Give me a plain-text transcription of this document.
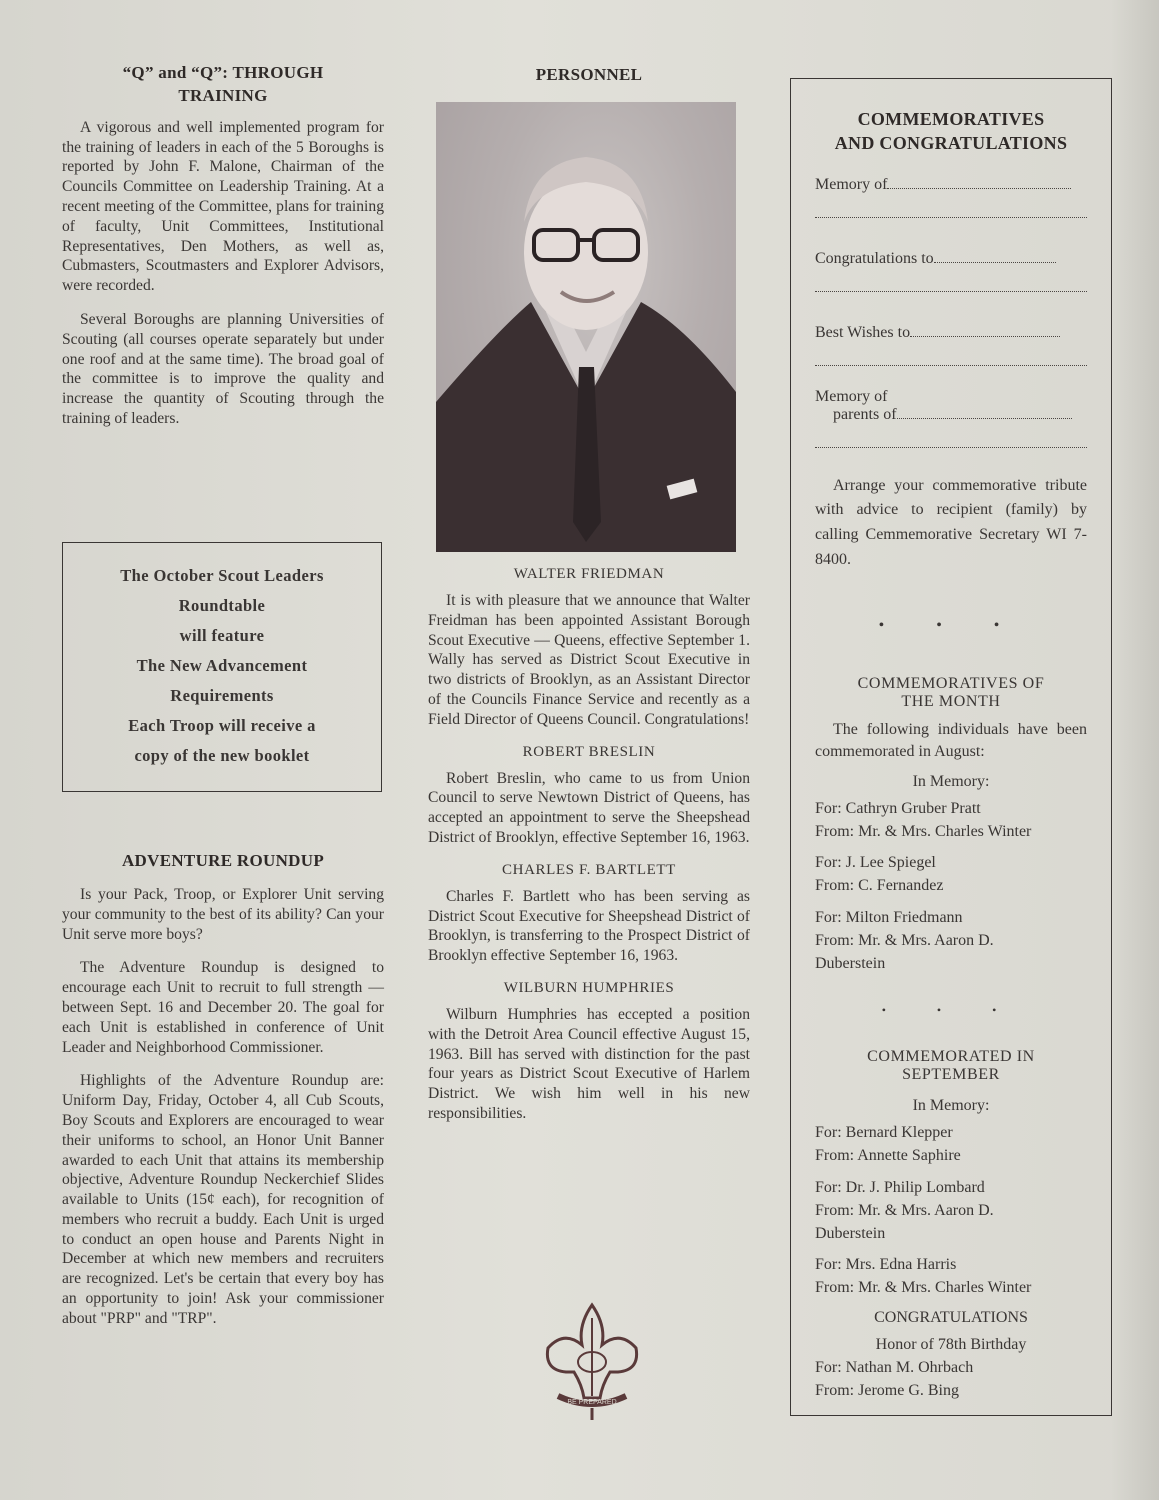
“Q” and “Q”: THROUGH

TRAINING

A vigorous and well implemented program for the training of leaders in each of the 5 Boroughs is reported by John F. Malone, Chairman of the Councils Committee on Leadership Training. At a recent meeting of the Committee, plans for training of faculty, Unit Committees, Institutional Representatives, Den Mothers, as well as, Cubmasters, Scoutmasters and Explorer Advisors, were recorded.

Several Boroughs are planning Universities of Scouting (all courses operate separately but under one roof and at the same time). The broad goal of the committee is to improve the quality and increase the quantity of Scouting through the training of leaders.

The October Scout Leaders
Roundtable
will feature
The New Advancement
Requirements
Each Troop will receive a
copy of the new booklet

ADVENTURE ROUNDUP

Is your Pack, Troop, or Explorer Unit serving your community to the best of its ability? Can your Unit serve more boys?

The Adventure Roundup is designed to encourage each Unit to recruit to full strength — between Sept. 16 and December 20. The goal for each Unit is established in conference of Unit Leader and Neighborhood Commissioner.

Highlights of the Adventure Roundup are: Uniform Day, Friday, October 4, all Cub Scouts, Boy Scouts and Explorers are encouraged to wear their uniforms to school, an Honor Unit Banner awarded to each Unit that attains its membership objective, Adventure Roundup Neckerchief Slides available to Units (15¢ each), for recognition of members who recruit a buddy. Each Unit is urged to conduct an open house and Parents Night in December at which new members and recruiters are recognized. Let's be certain that every boy has an opportunity to join! Ask your commissioner about "PRP" and "TRP".

PERSONNEL

WALTER FRIEDMAN

It is with pleasure that we announce that Walter Freidman has been appointed Assistant Borough Scout Executive — Queens, effective September 1. Wally has served as District Scout Executive in two districts of Brooklyn, as an Assistant Director of the Councils Finance Service and recently as a Field Director of Queens Council. Congratulations!

ROBERT BRESLIN

Robert Breslin, who came to us from Union Council to serve Newtown District of Queens, has accepted an appointment to serve the Sheepshead District of Brooklyn, effective September 16, 1963.

CHARLES F. BARTLETT

Charles F. Bartlett who has been serving as District Scout Executive for Sheepshead District of Brooklyn, is transferring to the Prospect District of Brooklyn effective September 16, 1963.

WILBURN HUMPHRIES

Wilburn Humphries has eccepted a position with the Detroit Area Council effective August 15, 1963. Bill has served with distinction for the past four years as District Scout Executive of Harlem District. We wish him well in his new responsibilities.

BE PREPARED

COMMEMORATIVES

AND CONGRATULATIONS

Memory of

Congratulations to

Best Wishes to

Memory of

parents of

Arrange your commemorative tribute with advice to recipient (family) by calling Cemmemorative Secretary WI 7-8400.

• • •

COMMEMORATIVES OF

THE MONTH

The following individuals have been commemorated in August:

In Memory:

For: Cathryn Gruber Pratt

From: Mr. & Mrs. Charles Winter

For: J. Lee Spiegel

From: C. Fernandez

For: Milton Friedmann

From: Mr. & Mrs. Aaron D.

Duberstein

• • •

COMMEMORATED IN

SEPTEMBER

In Memory:

For: Bernard Klepper

From: Annette Saphire

For: Dr. J. Philip Lombard

From: Mr. & Mrs. Aaron D.

Duberstein

For: Mrs. Edna Harris

From: Mr. & Mrs. Charles Winter

CONGRATULATIONS

Honor of 78th Birthday

For: Nathan M. Ohrbach

From: Jerome G. Bing
